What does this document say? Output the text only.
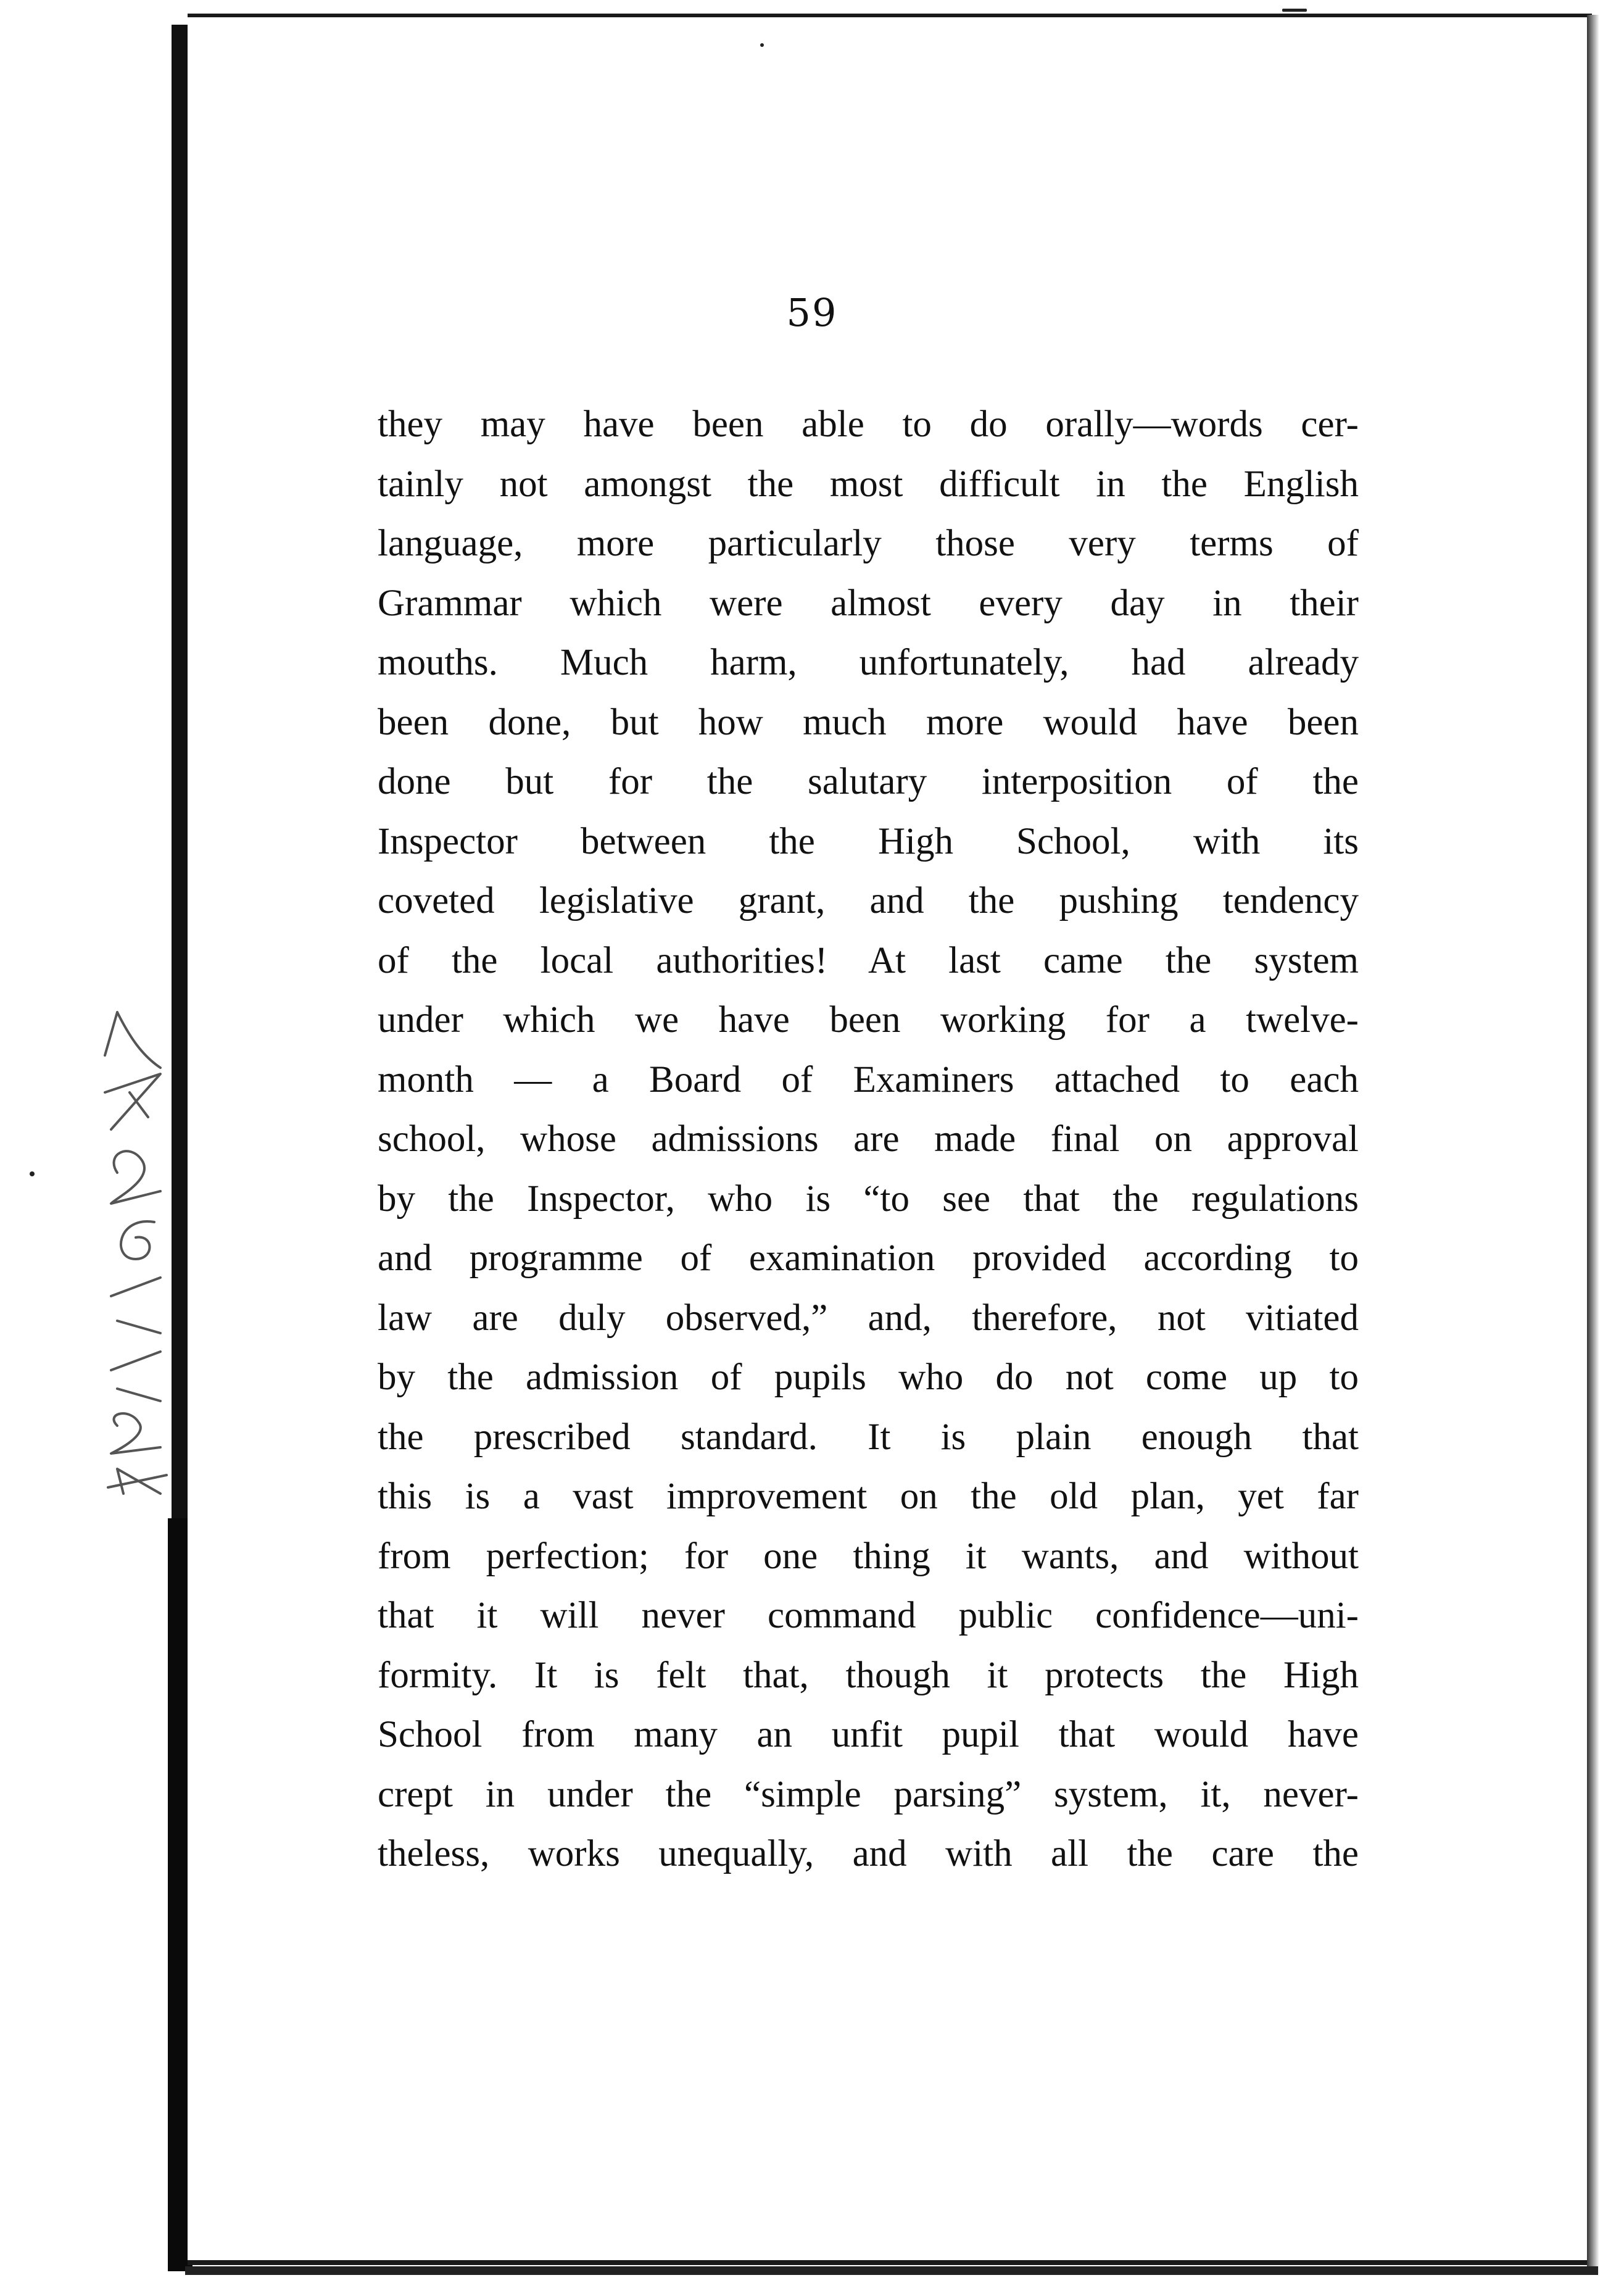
59
they may have been able to do orally—words cer-
tainly not amongst the most difficult in the English
language, more particularly those very terms of
Grammar which were almost every day in their
mouths. Much harm, unfortunately, had already
been done, but how much more would have been
done but for the salutary interposition of the
Inspector between the High School, with its
coveted legislative grant, and the pushing tendency
of the local authorities! At last came the system
under which we have been working for a twelve-
month — a Board of Examiners attached to each
school, whose admissions are made final on approval
by the Inspector, who is “to see that the regulations
and programme of examination provided according to
law are duly observed,” and, therefore, not vitiated
by the admission of pupils who do not come up to
the prescribed standard. It is plain enough that
this is a vast improvement on the old plan, yet far
from perfection; for one thing it wants, and without
that it will never command public confidence—uni-
formity. It is felt that, though it protects the High
School from many an unfit pupil that would have
crept in under the “simple parsing” system, it, never-
theless, works unequally, and with all the care the
